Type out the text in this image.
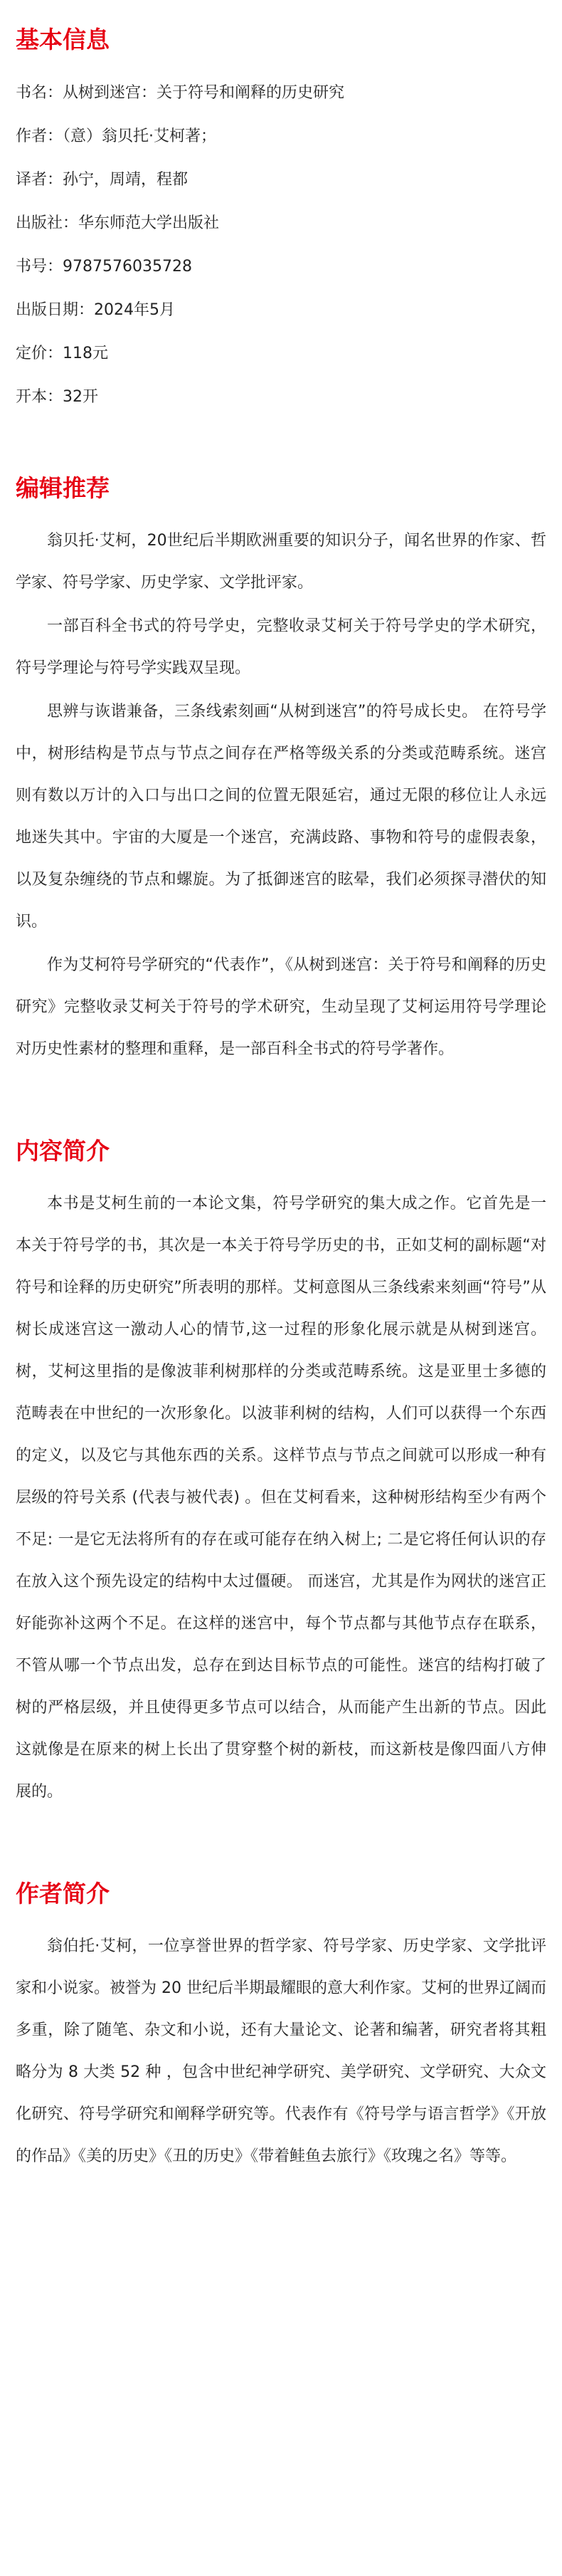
基本信息
书名：从树到迷宫：关于符号和阐释的历史研究
作者：（意）翁贝托·艾柯著；
译者：孙宁，周靖，程都
出版社：华东师范大学出版社
书号：9787576035728
出版日期：2024年5月
定价：118元
开本：32开
编辑推荐

翁贝托·艾柯，20世纪后半期欧洲重要的知识分子，闻名世界的作家、哲学家、符号学家、历史学家、文学批评家。

一部百科全书式的符号学史，完整收录艾柯关于符号学史的学术研究，符号学理论与符号学实践双呈现。

思辨与诙谐兼备，三条线索刻画“从树到迷宫”的符号成长史。 在符号学中，树形结构是节点与节点之间存在严格等级关系的分类或范畴系统。迷宫则有数以万计的入口与出口之间的位置无限延宕，通过无限的移位让人永远地迷失其中。宇宙的大厦是一个迷宫，充满歧路、事物和符号的虚假表象，以及复杂缠绕的节点和螺旋。为了抵御迷宫的眩晕，我们必须探寻潜伏的知识。

作为艾柯符号学研究的“代表作”，《从树到迷宫：关于符号和阐释的历史研究》完整收录艾柯关于符号的学术研究，生动呈现了艾柯运用符号学理论对历史性素材的整理和重释，是一部百科全书式的符号学著作。

内容简介

本书是艾柯生前的一本论文集，符号学研究的集大成之作。它首先是一本关于符号学的书，其次是一本关于符号学历史的书，正如艾柯的副标题“对符号和诠释的历史研究”所表明的那样。艾柯意图从三条线索来刻画“符号”从树长成迷宫这一激动人心的情节,这一过程的形象化展示就是从树到迷宫。 树，艾柯这里指的是像波菲利树那样的分类或范畴系统。这是亚里士多德的范畴表在中世纪的一次形象化。以波菲利树的结构，人们可以获得一个东西的定义，以及它与其他东西的关系。这样节点与节点之间就可以形成一种有层级的符号关系 (代表与被代表) 。但在艾柯看来，这种树形结构至少有两个不足: 一是它无法将所有的存在或可能存在纳入树上; 二是它将任何认识的存在放入这个预先设定的结构中太过僵硬。 而迷宫，尤其是作为网状的迷宫正好能弥补这两个不足。在这样的迷宫中，每个节点都与其他节点存在联系，不管从哪一个节点出发，总存在到达目标节点的可能性。迷宫的结构打破了树的严格层级，并且使得更多节点可以结合，从而能产生出新的节点。因此这就像是在原来的树上长出了贯穿整个树的新枝，而这新枝是像四面八方伸展的。

作者简介

翁伯托·艾柯，一位享誉世界的哲学家、符号学家、历史学家、文学批评家和小说家。被誉为 20 世纪后半期最耀眼的意大利作家。艾柯的世界辽阔而多重，除了随笔、杂文和小说，还有大量论文、论著和编著，研究者将其粗略分为 8 大类 52 种 ，包含中世纪神学研究、美学研究、文学研究、大众文化研究、符号学研究和阐释学研究等。代表作有《符号学与语言哲学》《开放的作品》《美的历史》《丑的历史》《带着鲑鱼去旅行》《玫瑰之名》等等。
